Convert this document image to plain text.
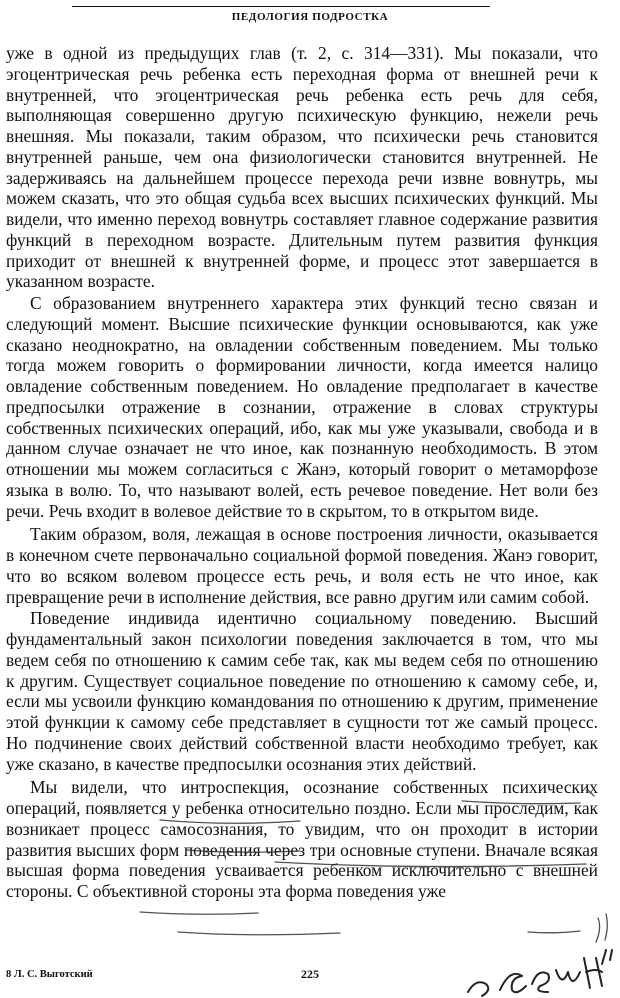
ПЕДОЛОГИЯ ПОДРОСТКА

уже в одной из предыдущих глав (т. 2, с. 314—331). Мы показали, что эгоцентрическая речь ребенка есть переходная форма от внешней речи к внутренней, что эгоцентрическая речь ребенка есть речь для себя, выполняющая совершенно другую психическую функцию, нежели речь внешняя. Мы показали, таким образом, что психически речь становится внутренней раньше, чем она физиологически становится внутренней. Не задерживаясь на дальнейшем процессе перехода речи извне вовнутрь, мы можем сказать, что это общая судьба всех высших психических функций. Мы видели, что именно переход вовнутрь составляет главное содержание развития функций в переходном возрасте. Длительным путем развития функция приходит от внешней к внутренней форме, и процесс этот завершается в указанном возрасте.

С образованием внутреннего характера этих функций тесно связан и следующий момент. Высшие психические функции основываются, как уже сказано неоднократно, на овладении собственным поведением. Мы только тогда можем говорить о формировании личности, когда имеется налицо овладение собственным поведением. Но овладение предполагает в качестве предпосылки отражение в сознании, отражение в словах структуры собственных психических операций, ибо, как мы уже указывали, свобода и в данном случае означает не что иное, как познанную необходимость. В этом отношении мы можем согласиться с Жанэ, который говорит о метаморфозе языка в волю. То, что называют волей, есть речевое поведение. Нет воли без речи. Речь входит в волевое действие то в скрытом, то в открытом виде.

Таким образом, воля, лежащая в основе построения личности, оказывается в конечном счете первоначально социальной формой поведения. Жанэ говорит, что во всяком волевом процессе есть речь, и воля есть не что иное, как превращение речи в исполнение действия, все равно другим или самим собой.

Поведение индивида идентично социальному поведению. Высший фундаментальный закон психологии поведения заключается в том, что мы ведем себя по отношению к самим себе так, как мы ведем себя по отношению к другим. Существует социальное поведение по отношению к самому себе, и, если мы усвоили функцию командования по отношению к другим, применение этой функции к самому себе представляет в сущности тот же самый процесс. Но подчинение своих действий собственной власти необходимо требует, как уже сказано, в качестве предпосылки осознания этих действий.

Мы видели, что интроспекция, осознание собственных психических операций, появляется у ребенка относительно поздно. Если мы проследим, как возникает процесс самосознания, то увидим, что он проходит в истории развития высших форм поведения через три основные ступени. Вначале всякая высшая форма поведения усваивается ребенком исключительно с внешней стороны. С объективной стороны эта форма поведения уже

8 Л. С. Выготский	225
